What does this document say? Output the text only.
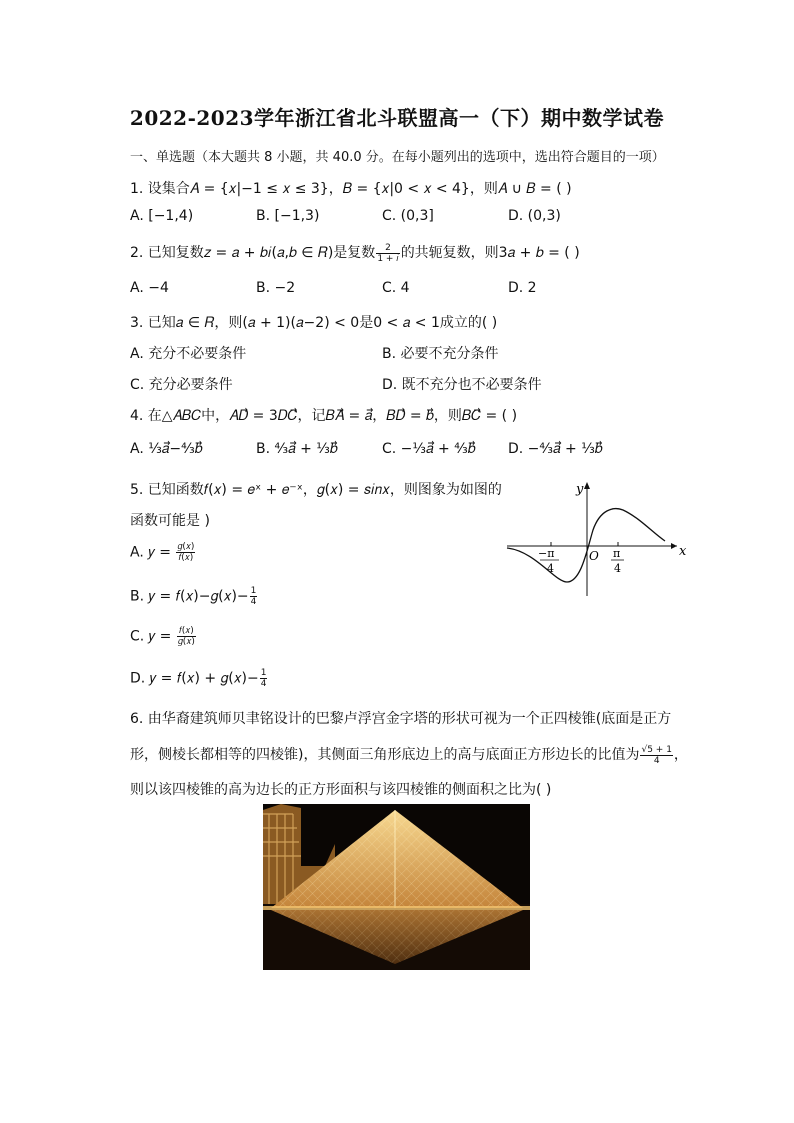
2022-2023学年浙江省北斗联盟高一（下）期中数学试卷
一、单选题（本大题共 8 小题，共 40.0 分。在每小题列出的选项中，选出符合题目的一项）
1. 设集合𝐴 = {𝑥|−1 ≤ 𝑥 ≤ 3}，𝐵 = {𝑥|0 < 𝑥 < 4}，则𝐴 ∪ 𝐵 = ( )
A. [−1,4)	B. [−1,3)	C. (0,3]	D. (0,3)
2. 已知复数𝑧 = 𝑎 + 𝑏𝑖(𝑎,𝑏 ∈ 𝑅)是复数 $\frac{2}{\text{1 + 𝑖}}$ 的共轭复数，则3𝑎 + 𝑏 = ( )
A. −4	B. −2	C. 4	D. 2
3. 已知𝑎 ∈ 𝑅，则(𝑎 + 1)(𝑎−2) < 0是0 < 𝑎 < 1成立的( )
A. 充分不必要条件	B. 必要不充分条件
C. 充分必要条件	D. 既不充分也不必要条件
4. 在△𝐴𝐵𝐶中，𝐴𝐷⃗ = 3𝐷𝐶⃗，记𝐵𝐴⃗ = 𝑎⃗，𝐵𝐷⃗ = 𝑏⃗，则𝐵𝐶⃗ = ( )
A. ⅓𝑎⃗−⁴⁄₃𝑏⃗	B. ⁴⁄₃𝑎⃗ + ⅓𝑏⃗	C. −⅓𝑎⃗ + ⁴⁄₃𝑏⃗ D. −⁴⁄₃𝑎⃗ + ⅓𝑏⃗
5. 已知函数𝑓(𝑥) = 𝑒ˣ + 𝑒⁻ˣ，𝑔(𝑥) = 𝑠𝑖𝑛𝑥，则图象为如图的
函数可能是 )
A. 𝑦 = $\frac{\text{𝑔(𝑥)}}{\text{𝑓(𝑥)}}$
B. 𝑦 = 𝑓(𝑥)−𝑔(𝑥)− $\frac{1}{4}$
C. 𝑦 = $\frac{\text{𝑓(𝑥)}}{\text{𝑔(𝑥)}}$
D. 𝑦 = 𝑓(𝑥) + 𝑔(𝑥)− $\frac{1}{4}$
y
x
O
−π
4
π
4
6. 由华裔建筑师贝聿铭设计的巴黎卢浮宫金字塔的形状可视为一个正四棱锥(底面是正方
形，侧棱长都相等的四棱锥)，其侧面三角形底边上的高与底面正方形边长的比值为 $\frac{√5 + 1}{4}$ ，
则以该四棱锥的高为边长的正方形面积与该四棱锥的侧面积之比为( )
